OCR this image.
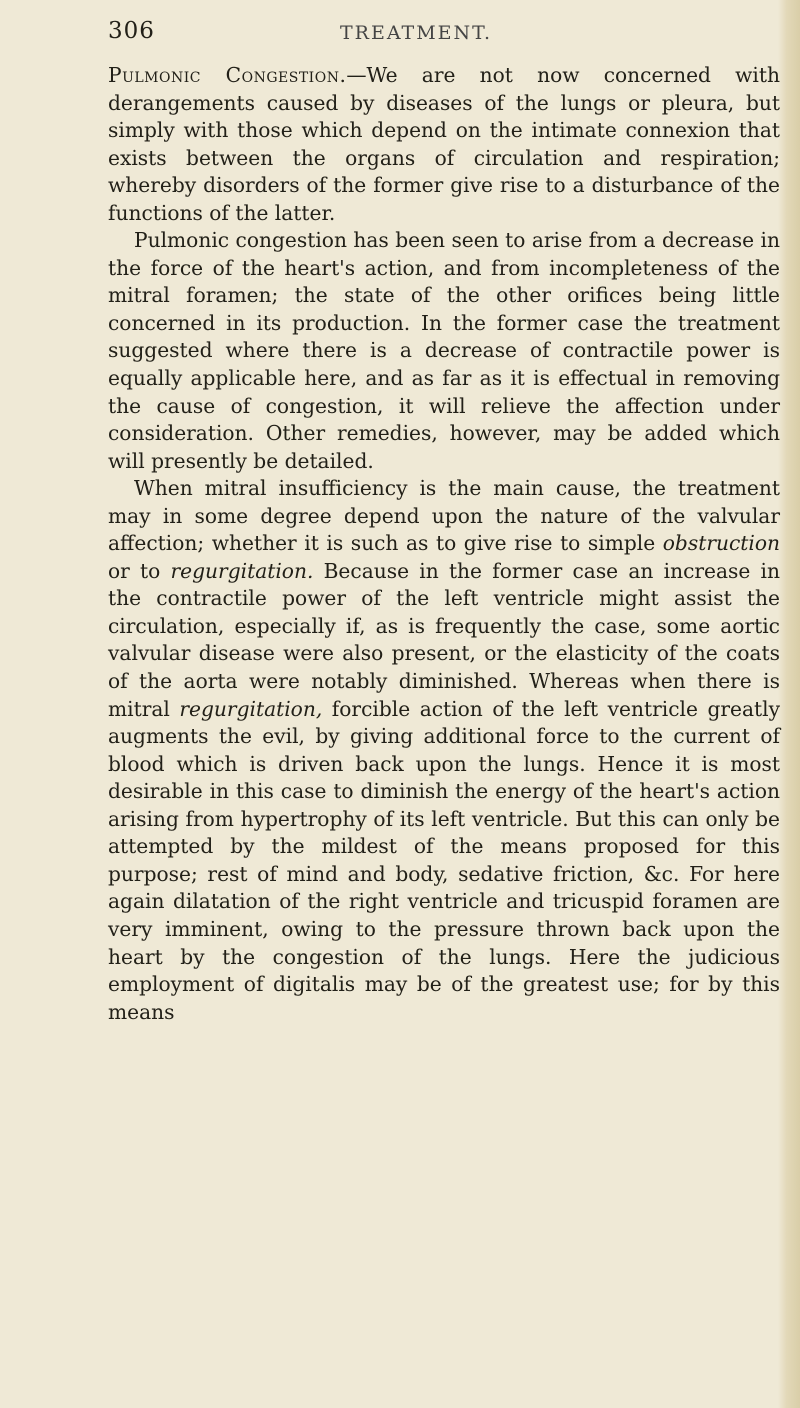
306	TREATMENT.

Pulmonic Congestion.—We are not now concerned with derangements caused by diseases of the lungs or pleura, but simply with those which depend on the intimate connexion that exists between the organs of circulation and respiration; whereby disorders of the former give rise to a disturbance of the functions of the latter.

Pulmonic congestion has been seen to arise from a decrease in the force of the heart's action, and from incompleteness of the mitral foramen; the state of the other orifices being little concerned in its production. In the former case the treatment suggested where there is a decrease of contractile power is equally applicable here, and as far as it is effectual in removing the cause of congestion, it will relieve the affection under consideration. Other remedies, however, may be added which will presently be detailed.

When mitral insufficiency is the main cause, the treatment may in some degree depend upon the nature of the valvular affection; whether it is such as to give rise to simple obstruction or to regurgitation. Because in the former case an increase in the contractile power of the left ventricle might assist the circulation, especially if, as is frequently the case, some aortic valvular disease were also present, or the elasticity of the coats of the aorta were notably diminished. Whereas when there is mitral regurgitation, forcible action of the left ventricle greatly augments the evil, by giving additional force to the current of blood which is driven back upon the lungs. Hence it is most desirable in this case to diminish the energy of the heart's action arising from hypertrophy of its left ventricle. But this can only be attempted by the mildest of the means proposed for this purpose; rest of mind and body, sedative friction, &c. For here again dilatation of the right ventricle and tricuspid foramen are very imminent, owing to the pressure thrown back upon the heart by the congestion of the lungs. Here the judicious employment of digitalis may be of the greatest use; for by this means
